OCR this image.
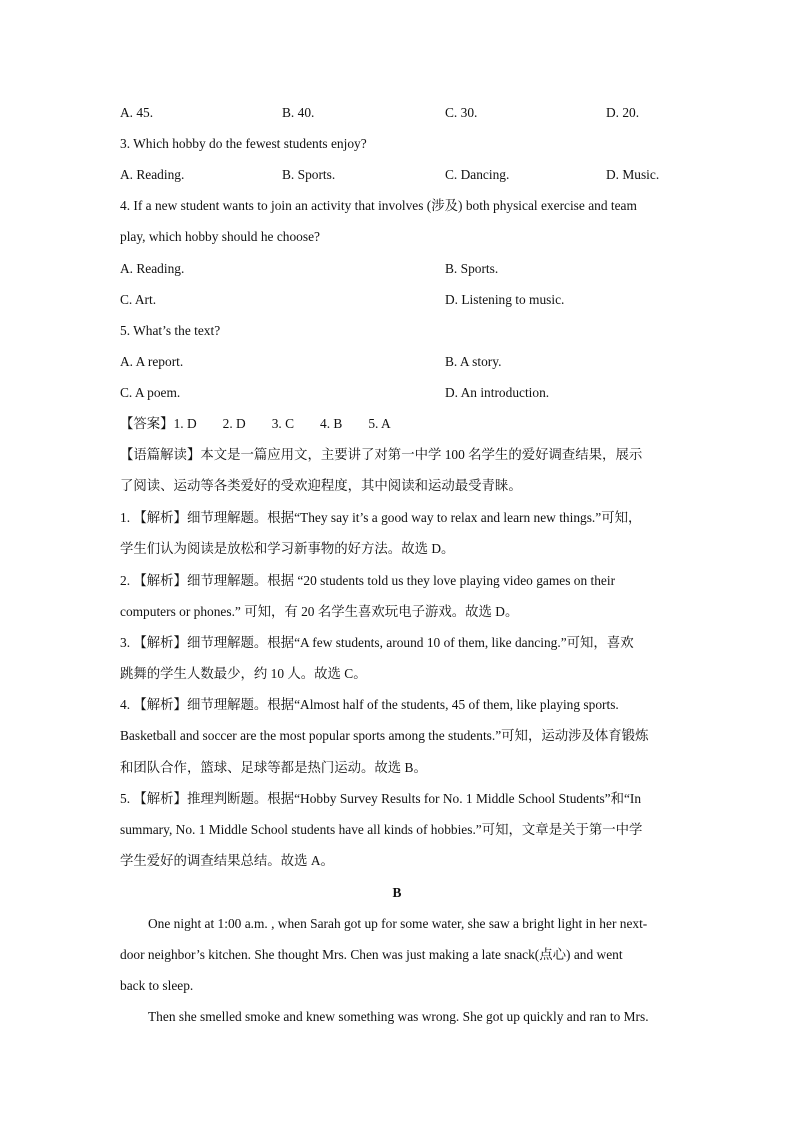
A. 45.	B. 40.	C. 30.	D. 20.
3. Which hobby do the fewest students enjoy?
A. Reading.	B. Sports.	C. Dancing.	D. Music.
4. If a new student wants to join an activity that involves (涉及) both physical exercise and team
play, which hobby should he choose?
A. Reading.	B. Sports.
C. Art.	D. Listening to music.
5. What’s the text?
A. A report.	B. A story.
C. A poem.	D. An introduction.
【答案】1. D 2. D 3. C 4. B 5. A
【语篇解读】本文是一篇应用文，主要讲了对第一中学 100 名学生的爱好调查结果，展示
了阅读、运动等各类爱好的受欢迎程度，其中阅读和运动最受青睐。
1. 【解析】细节理解题。根据“They say it’s a good way to relax and learn new things.”可知，
学生们认为阅读是放松和学习新事物的好方法。故选 D。
2. 【解析】细节理解题。根据 “20 students told us they love playing video games on their
computers or phones.” 可知，有 20 名学生喜欢玩电子游戏。故选 D。
3. 【解析】细节理解题。根据“A few students, around 10 of them, like dancing.”可知，喜欢
跳舞的学生人数最少，约 10 人。故选 C。
4. 【解析】细节理解题。根据“Almost half of the students, 45 of them, like playing sports.
Basketball and soccer are the most popular sports among the students.”可知，运动涉及体育锻炼
和团队合作，篮球、足球等都是热门运动。故选 B。
5. 【解析】推理判断题。根据“Hobby Survey Results for No. 1 Middle School Students”和“In
summary, No. 1 Middle School students have all kinds of hobbies.”可知，文章是关于第一中学
学生爱好的调查结果总结。故选 A。
B
One night at 1:00 a.m. , when Sarah got up for some water, she saw a bright light in her next-
door neighbor’s kitchen. She thought Mrs. Chen was just making a late snack(点心) and went
back to sleep.
Then she smelled smoke and knew something was wrong. She got up quickly and ran to Mrs.
